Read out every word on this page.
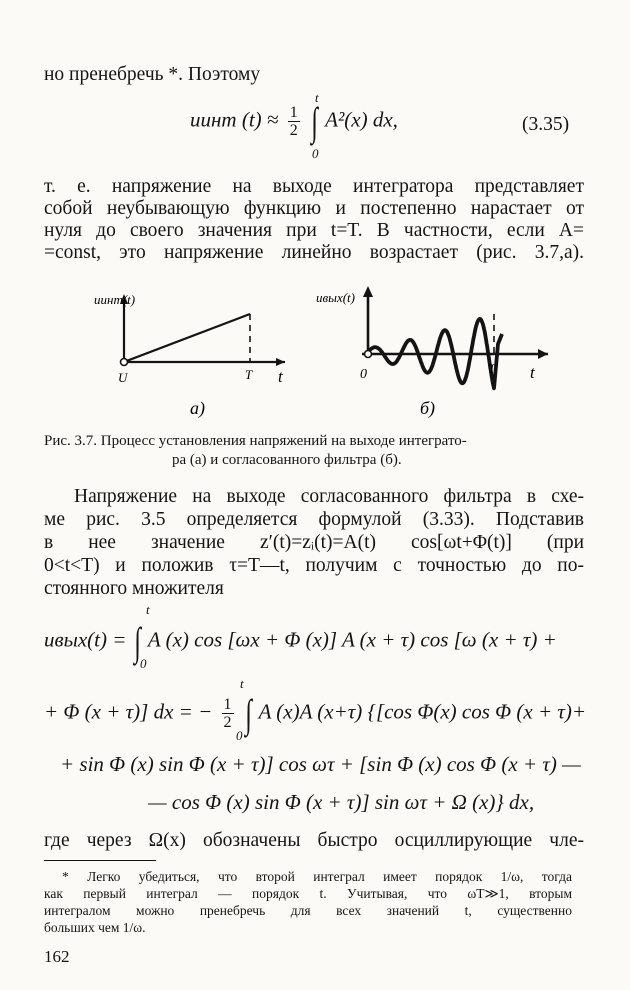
но пренебречь *. Поэтому
uинт $(t) \approx \frac{1}{2}$ ∫ A²(x) dx,
t
0
(3.35)
т. е. напряжение на выходе интегратора представляет
собой неубывающую функцию и постепенно нарастает от
нуля до своего значения при t=T. В частности, если A=
=const, это напряжение линейно возрастает (рис. 3.7,a).
uинт(t)
U	T t
a)
uвых(t)
0	T t
б)
Рис. 3.7. Процесс установления напряжений на выходе интеграто-
ра (a) и согласованного фильтра (б).
Напряжение на выходе согласованного фильтра в схе-
ме рис. 3.5 определяется формулой (3.33). Подставив
в нее значение z′(t)=zᵢ(t)=A(t) cos[ωt+Φ(t)] (при
0<t<T) и положив τ=T—t, получим с точностью до по-
стоянного множителя
t
uвых(t) = ∫ A (x) cos [ωx + Φ (x)] A (x + τ) cos [ω (x + τ) +
0
t
+ Φ (x + τ)] dx = − $\frac{1}{2}$ ∫ A (x)A (x+τ) {[cos Φ(x) cos Φ (x + τ)+
0
+ sin Φ (x) sin Φ (x + τ)] cos ωτ + [sin Φ (x) cos Φ (x + τ) —
— cos Φ (x) sin Φ (x + τ)] sin ωτ + Ω (x)} dx,
где через Ω(x) обозначены быстро осциллирующие чле-
* Легко убедиться, что второй интеграл имеет порядок 1/ω, тогда
как первый интеграл — порядок t. Учитывая, что ωT≫1, вторым
интегралом можно пренебречь для всех значений t, существенно
больших чем 1/ω.
162
